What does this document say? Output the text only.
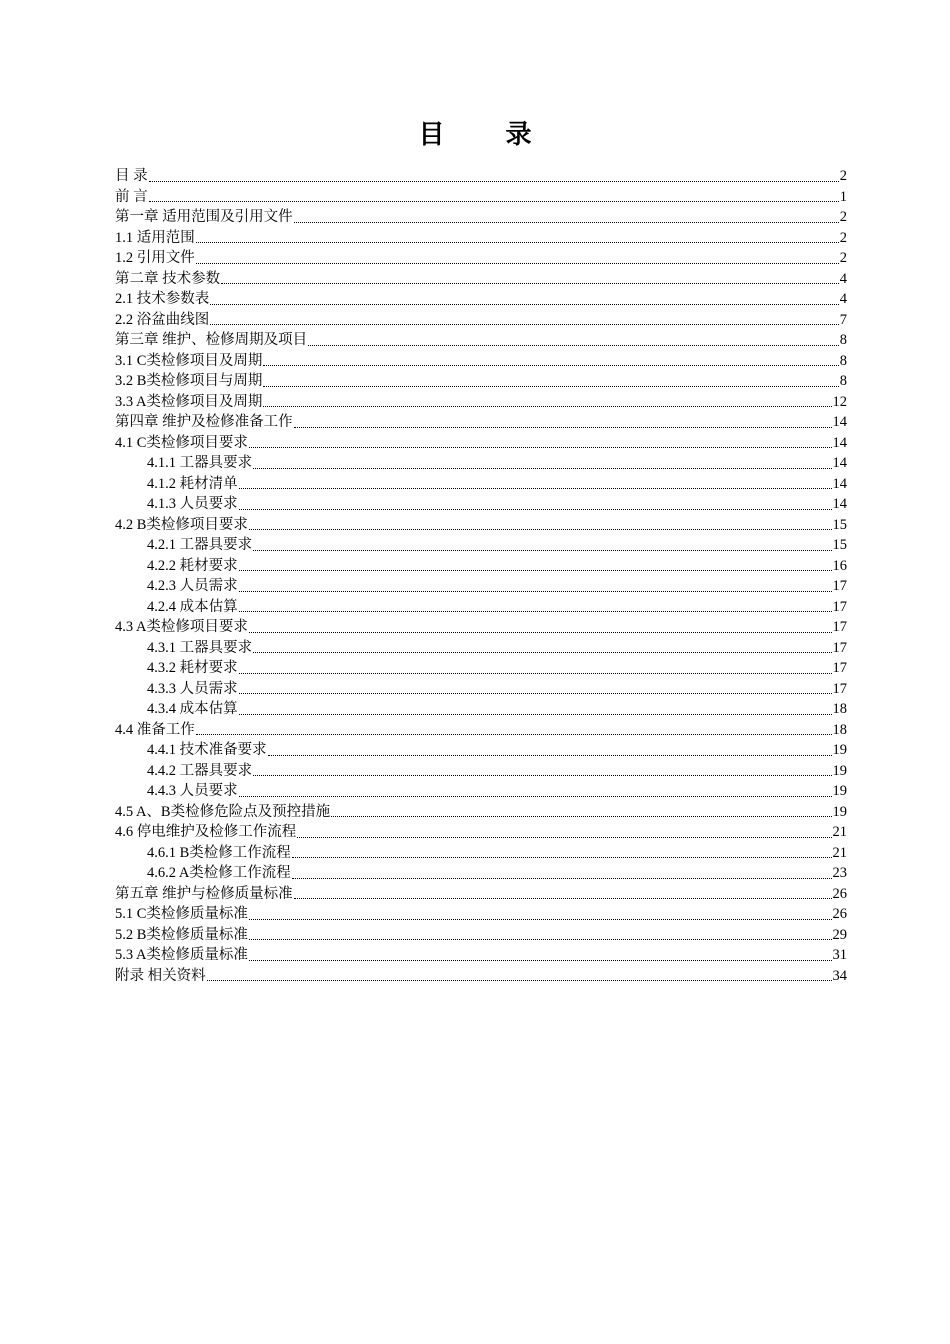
目 录
目 录	2
前 言	1
第一章 适用范围及引用文件	2
1.1 适用范围	2
1.2 引用文件	2
第二章 技术参数	4
2.1 技术参数表	4
2.2 浴盆曲线图	7
第三章 维护、检修周期及项目	8
3.1 C类检修项目及周期	8
3.2 B类检修项目与周期	8
3.3 A类检修项目及周期	12
第四章 维护及检修准备工作	14
4.1 C类检修项目要求	14
4.1.1 工器具要求	14
4.1.2 耗材清单	14
4.1.3 人员要求	14
4.2 B类检修项目要求	15
4.2.1 工器具要求	15
4.2.2 耗材要求	16
4.2.3 人员需求	17
4.2.4 成本估算	17
4.3 A类检修项目要求	17
4.3.1 工器具要求	17
4.3.2 耗材要求	17
4.3.3 人员需求	17
4.3.4 成本估算	18
4.4 准备工作	18
4.4.1 技术准备要求	19
4.4.2 工器具要求	19
4.4.3 人员要求	19
4.5 A、B类检修危险点及预控措施	19
4.6 停电维护及检修工作流程	21
4.6.1 B类检修工作流程	21
4.6.2 A类检修工作流程	23
第五章 维护与检修质量标准	26
5.1 C类检修质量标准	26
5.2 B类检修质量标准	29
5.3 A类检修质量标准	31
附录 相关资料	34
